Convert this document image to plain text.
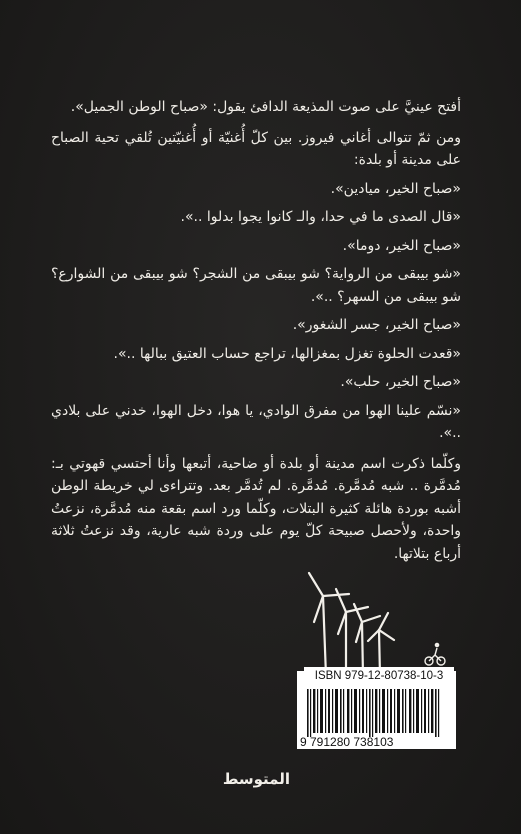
أفتح عينيَّ على صوت المذيعة الدافئ يقول: «صباح الوطن الجميل».

ومن ثمّ تتوالى أغاني فيروز. بين كلّ أُغنيّة أو أُغنيّتين تُلقي تحية الصباح على مدينة أو بلدة:

«صباح الخير، ميادين».

«قال الصدى ما في حدا، والـ كانوا يجوا بدلوا ..».

«صباح الخير، دوما».

«شو بيبقى من الرواية؟ شو بيبقى من الشجر؟ شو بيبقى من الشوارع؟ شو بيبقى من السهر؟ ..».

«صباح الخير، جسر الشغور».

«قعدت الحلوة تغزل بمغزالها، تراجع حساب العتيق ببالها ..».

«صباح الخير، حلب».

«نسّم علينا الهوا من مفرق الوادي، يا هوا، دخل الهوا، خدني على بلادي ..».

وكلّما ذكرت اسم مدينة أو بلدة أو ضاحية، أتبعها وأنا أحتسي قهوتي بـ: مُدمَّرة .. شبه مُدمَّرة. مُدمَّرة. لم تُدمَّر بعد. وتتراءى لي خريطة الوطن أشبه بوردة هائلة كثيرة البتلات، وكلّما ورد اسم بقعة منه مُدمَّرة، نزعتُ واحدة، ولأحصل صبيحة كلّ يوم على وردة شبه عارية، وقد نزعتُ ثلاثة أرباع بتلاتها.

ISBN 979-12-80738-10-3
9 791280 738103
المتوسط
